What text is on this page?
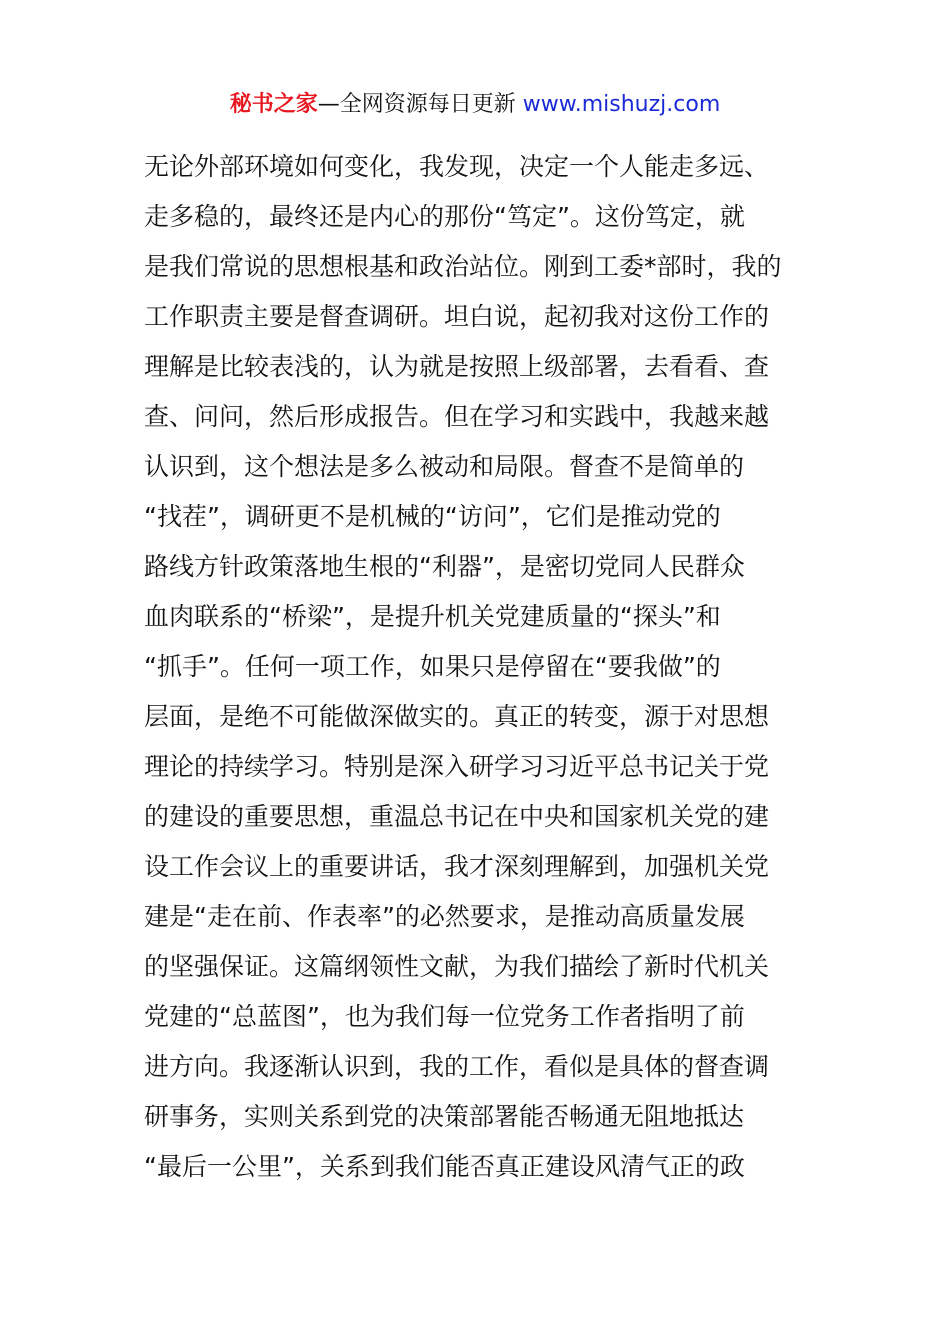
秘书之家—全网资源每日更新 www.mishuzj.com
无论外部环境如何变化，我发现，决定一个人能走多远、
走多稳的，最终还是内心的那份“笃定”。这份笃定，就
是我们常说的思想根基和政治站位。刚到工委*部时，我的
工作职责主要是督查调研。坦白说，起初我对这份工作的
理解是比较表浅的，认为就是按照上级部署，去看看、查
查、问问，然后形成报告。但在学习和实践中，我越来越
认识到，这个想法是多么被动和局限。督查不是简单的
“找茬”，调研更不是机械的“访问”，它们是推动党的
路线方针政策落地生根的“利器”，是密切党同人民群众
血肉联系的“桥梁”，是提升机关党建质量的“探头”和
“抓手”。任何一项工作，如果只是停留在“要我做”的
层面，是绝不可能做深做实的。真正的转变，源于对思想
理论的持续学习。特别是深入研学习习近平总书记关于党
的建设的重要思想，重温总书记在中央和国家机关党的建
设工作会议上的重要讲话，我才深刻理解到，加强机关党
建是“走在前、作表率”的必然要求，是推动高质量发展
的坚强保证。这篇纲领性文献，为我们描绘了新时代机关
党建的“总蓝图”，也为我们每一位党务工作者指明了前
进方向。我逐渐认识到，我的工作，看似是具体的督查调
研事务，实则关系到党的决策部署能否畅通无阻地抵达
“最后一公里”，关系到我们能否真正建设风清气正的政
